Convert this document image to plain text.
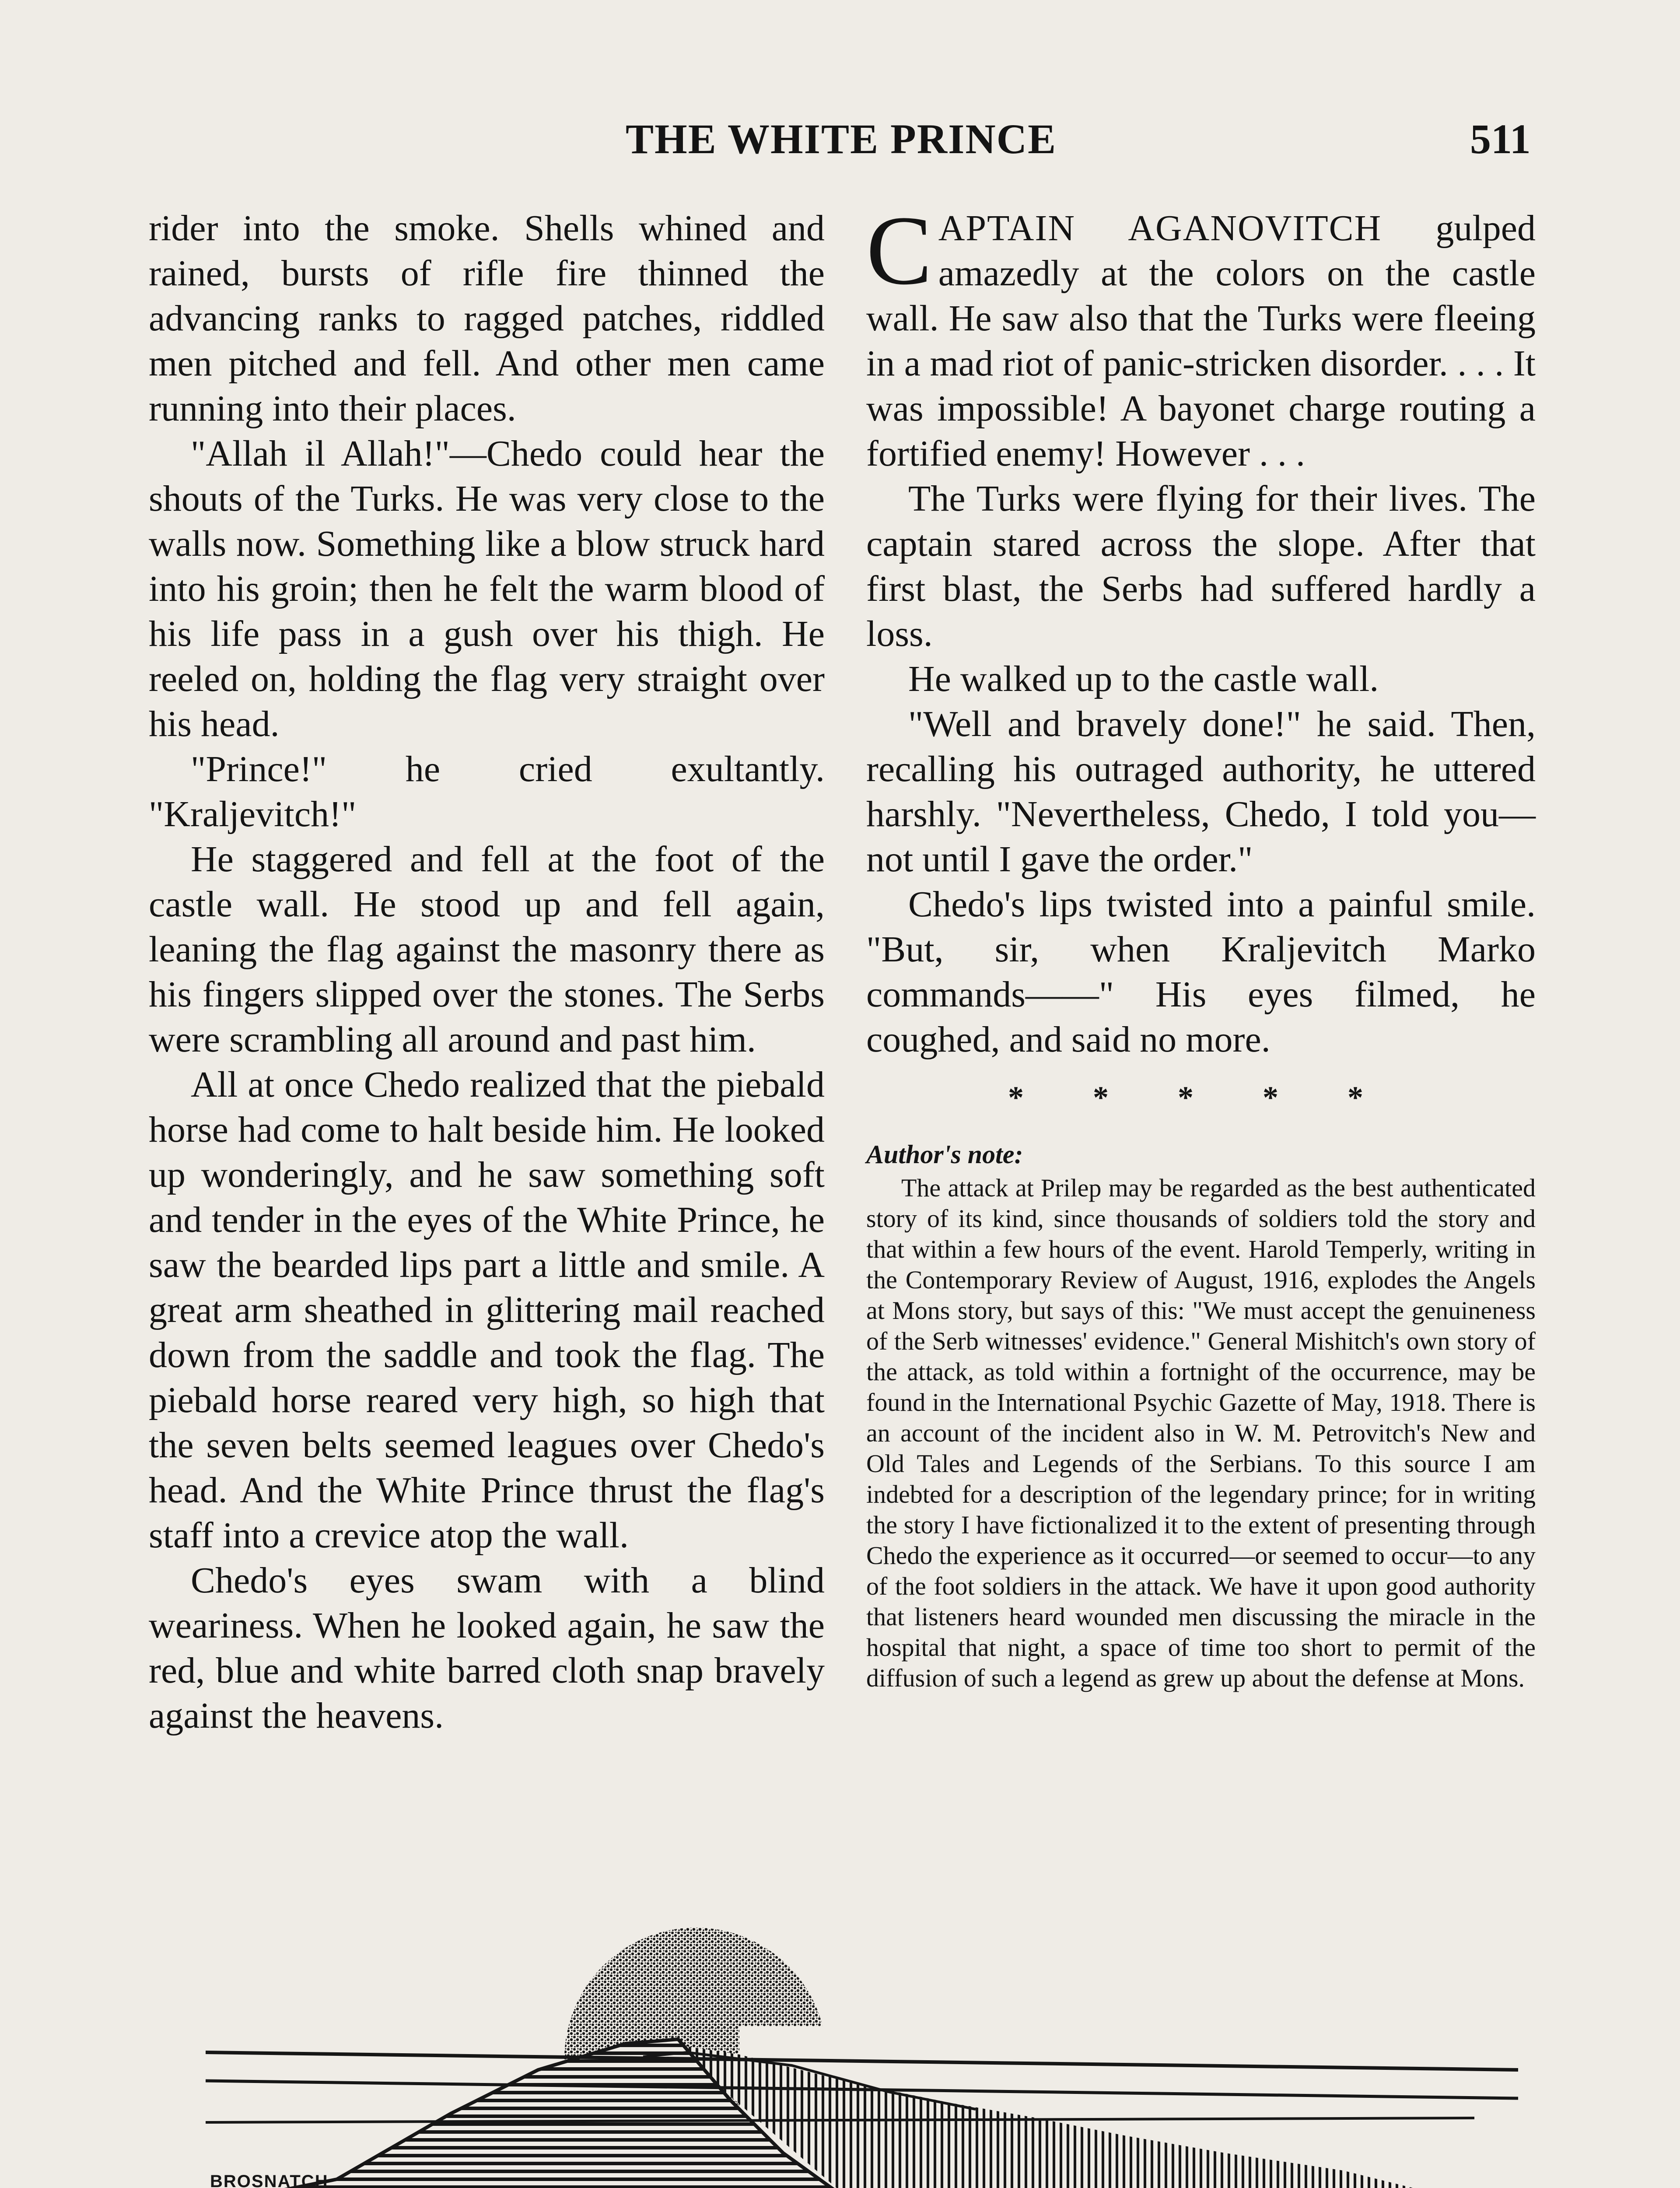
THE WHITE PRINCE	511

rider into the smoke. Shells whined and rained, bursts of rifle fire thinned the advancing ranks to ragged patches, riddled men pitched and fell. And other men came running into their places.

"Allah il Allah!"—Chedo could hear the shouts of the Turks. He was very close to the walls now. Something like a blow struck hard into his groin; then he felt the warm blood of his life pass in a gush over his thigh. He reeled on, holding the flag very straight over his head.

"Prince!" he cried exultantly. "Kraljevitch!"

He staggered and fell at the foot of the castle wall. He stood up and fell again, leaning the flag against the masonry there as his fingers slipped over the stones. The Serbs were scrambling all around and past him.

All at once Chedo realized that the piebald horse had come to halt beside him. He looked up wonderingly, and he saw something soft and tender in the eyes of the White Prince, he saw the bearded lips part a little and smile. A great arm sheathed in glittering mail reached down from the saddle and took the flag. The piebald horse reared very high, so high that the seven belts seemed leagues over Chedo's head. And the White Prince thrust the flag's staff into a crevice atop the wall.

Chedo's eyes swam with a blind weariness. When he looked again, he saw the red, blue and white barred cloth snap bravely against the heavens.

CAPTAIN AGANOVITCH gulped amazedly at the colors on the castle wall. He saw also that the Turks were fleeing in a mad riot of panic-stricken disorder. . . . It was impossible! A bayonet charge routing a fortified enemy! However . . .

The Turks were flying for their lives. The captain stared across the slope. After that first blast, the Serbs had suffered hardly a loss.

He walked up to the castle wall.

"Well and bravely done!" he said. Then, recalling his outraged authority, he uttered harshly. "Nevertheless, Chedo, I told you—not until I gave the order."

Chedo's lips twisted into a painful smile. "But, sir, when Kraljevitch Marko commands——" His eyes filmed, he coughed, and said no more.

* * * * *
Author's note:
The attack at Prilep may be regarded as the best authenticated story of its kind, since thousands of soldiers told the story and that within a few hours of the event. Harold Temperly, writing in the Contemporary Review of August, 1916, explodes the Angels at Mons story, but says of this: "We must accept the genuineness of the Serb witnesses' evidence." General Mishitch's own story of the attack, as told within a fortnight of the occurrence, may be found in the International Psychic Gazette of May, 1918. There is an account of the incident also in W. M. Petrovitch's New and Old Tales and Legends of the Serbians. To this source I am indebted for a description of the legendary prince; for in writing the story I have fictionalized it to the extent of presenting through Chedo the experience as it occurred—or seemed to occur—to any of the foot soldiers in the attack. We have it upon good authority that listeners heard wounded men discussing the miracle in the hospital that night, a space of time too short to permit of the diffusion of such a legend as grew up about the defense at Mons.
BROSNATCH
